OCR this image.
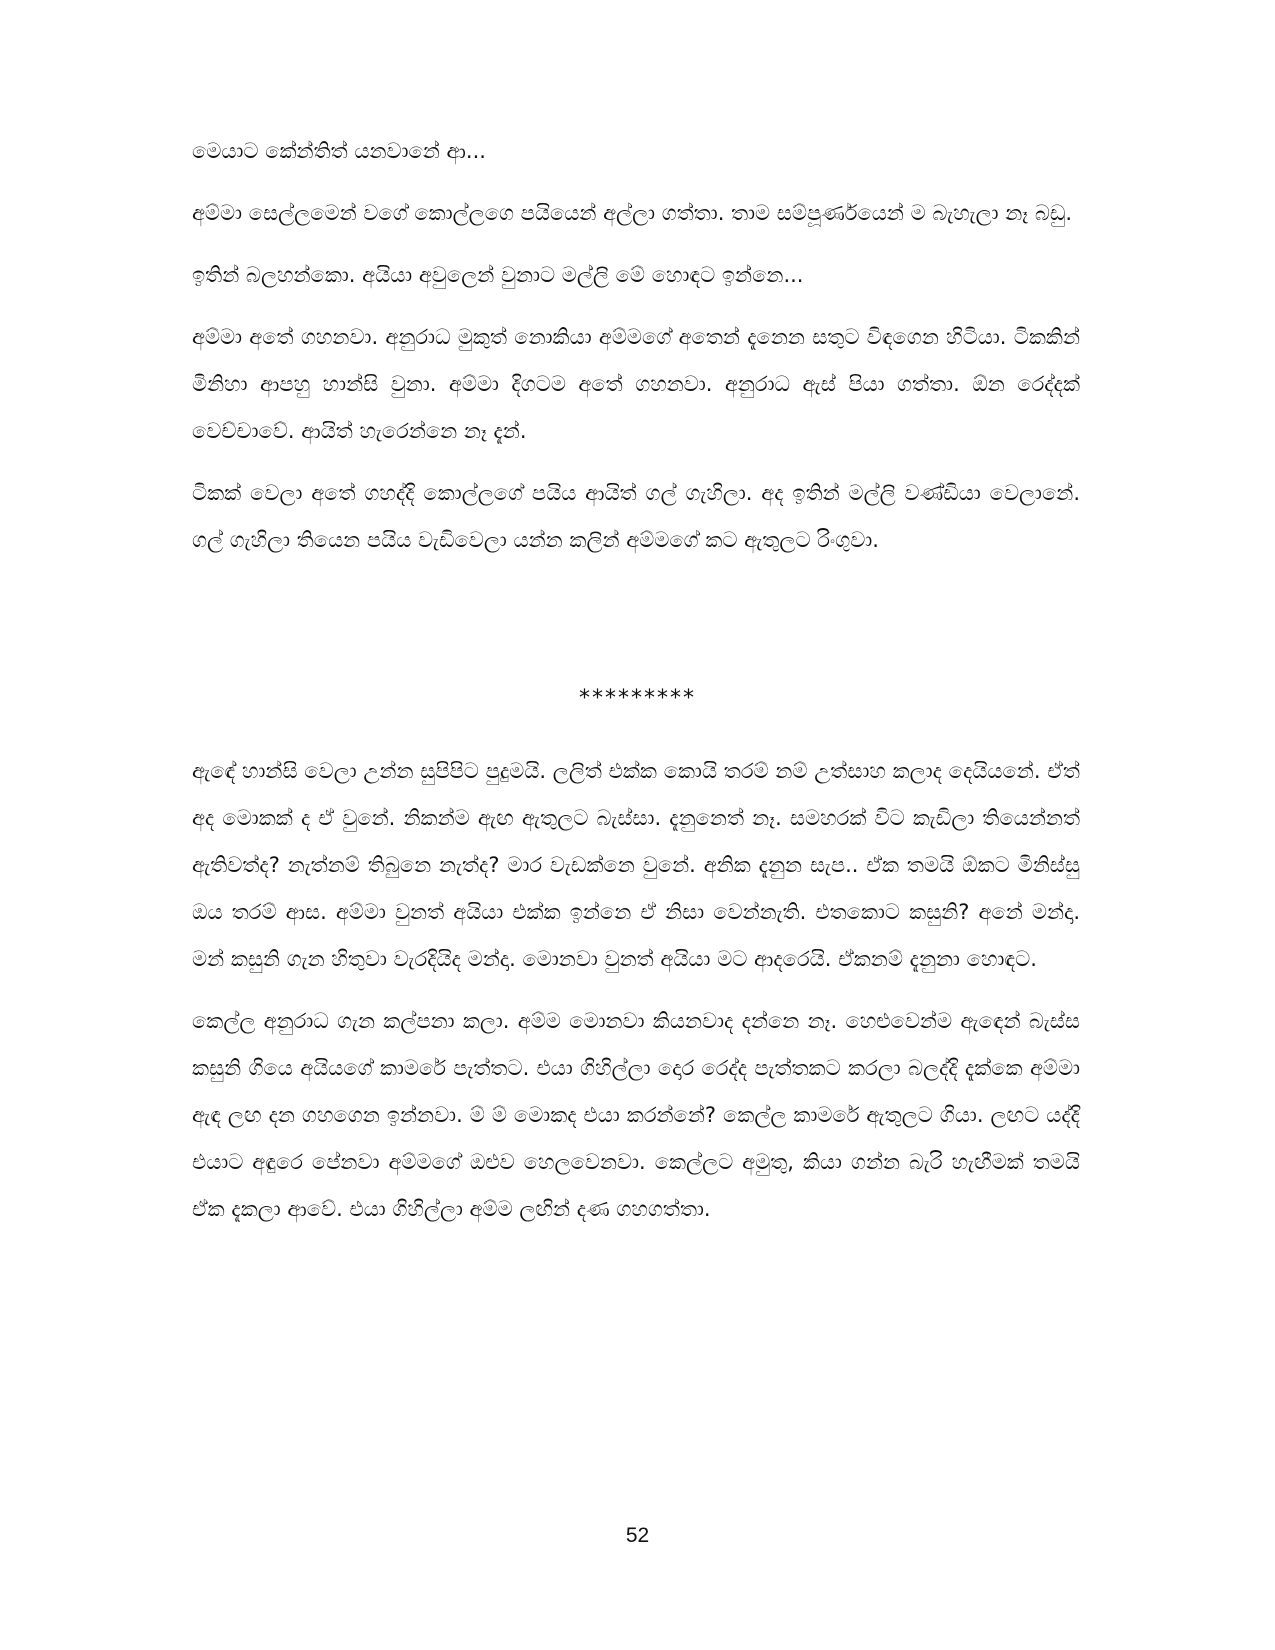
මෙයාට කේන්තිත් යනවානේ ආ...

අම්මා සෙල්ලමෙන් වගේ කොල්ලගෙ පයියෙන් අල්ලා ගත්තා. තාම සම්පූර්ණයෙන් ම බැහැලා නෑ බඩු.

ඉතින් බලහන්කො. අයියා අවුලෙන් වුනාට මල්ලි මේ හොඳට ඉන්නෙ...

අම්මා අතේ ගහනවා. අනුරාධ මුකුත් නොකියා අම්මගේ අතෙන් දැනෙන සතුට විඳගෙන හිටියා. ටිකකින් මිනිහා ආපහු හාන්සි වුනා. අම්මා දිගටම අතේ ගහනවා. අනුරාධ ඇස් පියා ගත්තා. ඕන රෙද්දක් වෙච්චාවේ. ආයිත් හැරෙන්නෙ නෑ දැන්.

ටිකක් වෙලා අතේ ගහද්දි කොල්ලගේ පයිය ආයිත් ගල් ගැහිලා. අද ඉතින් මල්ලි වණ්ඩියා වෙලානේ. ගල් ගැහිලා තියෙන පයිය වැඩිවෙලා යන්න කලින් අම්මගේ කට ඇතුලට රිංගුවා.

*********

ඇඳේ හාන්සි වෙලා උන්න සුපිපිට පුදුමයි. ලලිත් එක්ක කොයි තරම් නම් උත්සාහ කලාද දෙයියනේ. ඒත් අද මොකක් ද ඒ වුනේ. නිකන්ම ඇඟ ඇතුලට බැස්සා. දැනුනෙත් නෑ. සමහරක් විට කැඩිලා තියෙන්නත් ඇතිවත්ද? නැත්නම් තිබුනෙ නැත්ද? මාර වැඩක්නෙ වුනේ. අනික දැනුන සැප.. ඒක තමයි ඕකට මිනිස්සු ඔය තරම් ආස. අම්මා වුනත් අයියා එක්ක ඉන්නෙ ඒ නිසා වෙන්නැති. එතකොට කසුනි? අනේ මන්දා. මන් කසුනි ගැන හිතුවා වැරදියිද මන්දා. මොනවා වුනත් අයියා මට ආදරෙයි. ඒකනම් දැනුනා හොඳට.

කෙල්ල අනුරාධ ගැන කල්පනා කලා. අම්ම මොනවා කියනවාද දන්නෙ නෑ. හෙළුවෙන්ම ඇඳෙන් බැස්ස කසුනි ගියෙ අයියගේ කාමරේ පැත්තට. එයා ගිහිල්ලා දොර රෙද්ද පැත්තකට කරලා බලද්දි දැක්කෙ අම්මා ඇඳ ලඟ දන ගහගෙන ඉන්නවා. ම් ම් මොකද එයා කරන්නේ? කෙල්ල කාමරේ ඇතුලට ගියා. ලඟට යද්දි එයාට අඳුරෙ පේනවා අම්මගේ ඔළුව හෙලවෙනවා. කෙල්ලට අමුතු, කියා ගන්න බැරි හැඟීමක් තමයි ඒක දැකලා ආවේ. එයා ගිහිල්ලා අම්ම ලඟින් දණ ගහගත්තා.

52
